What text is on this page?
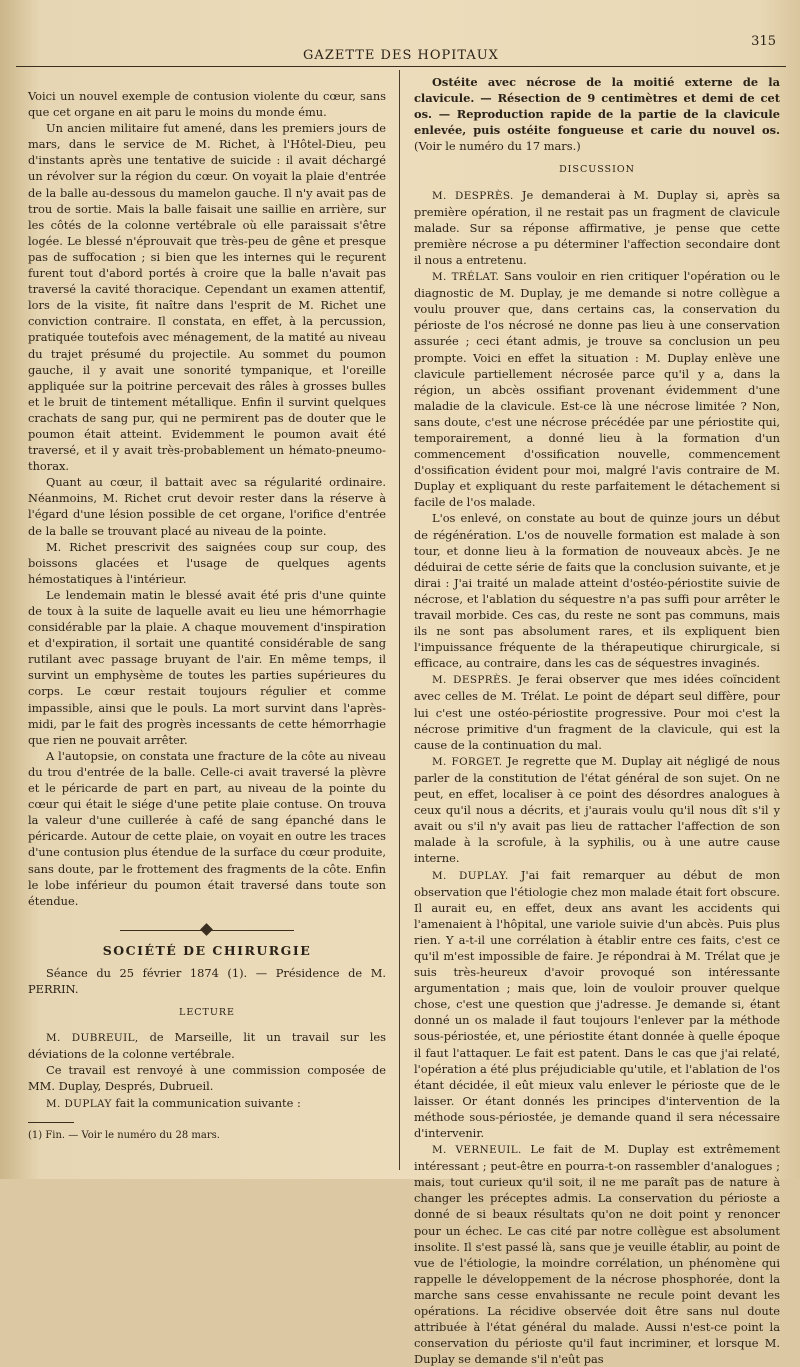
GAZETTE DES HOPITAUX
315

Voici un nouvel exemple de contusion violente du cœur, sans que cet organe en ait paru le moins du monde ému.

Un ancien militaire fut amené, dans les premiers jours de mars, dans le service de M. Richet, à l'Hôtel-Dieu, peu d'instants après une tentative de suicide : il avait déchargé un révolver sur la région du cœur. On voyait la plaie d'entrée de la balle au-dessous du mamelon gauche. Il n'y avait pas de trou de sortie. Mais la balle faisait une saillie en arrière, sur les côtés de la colonne vertébrale où elle paraissait s'être logée. Le blessé n'éprouvait que très-peu de gêne et presque pas de suffocation ; si bien que les internes qui le reçurent furent tout d'abord portés à croire que la balle n'avait pas traversé la cavité thoracique. Cependant un examen attentif, lors de la visite, fit naître dans l'esprit de M. Richet une conviction contraire. Il constata, en effet, à la percussion, pratiquée toutefois avec ménagement, de la matité au niveau du trajet présumé du projectile. Au sommet du poumon gauche, il y avait une sonorité tympanique, et l'oreille appliquée sur la poitrine percevait des râles à grosses bulles et le bruit de tintement métallique. Enfin il survint quelques crachats de sang pur, qui ne permirent pas de douter que le poumon était atteint. Evidemment le poumon avait été traversé, et il y avait très-probablement un hémato-pneumo-thorax.

Quant au cœur, il battait avec sa régularité ordinaire. Néanmoins, M. Richet crut devoir rester dans la réserve à l'égard d'une lésion possible de cet organe, l'orifice d'entrée de la balle se trouvant placé au niveau de la pointe.

M. Richet prescrivit des saignées coup sur coup, des boissons glacées et l'usage de quelques agents hémostatiques à l'intérieur.

Le lendemain matin le blessé avait été pris d'une quinte de toux à la suite de laquelle avait eu lieu une hémorrhagie considérable par la plaie. A chaque mouvement d'inspiration et d'expiration, il sortait une quantité considérable de sang rutilant avec passage bruyant de l'air. En même temps, il survint un emphysème de toutes les parties supérieures du corps. Le cœur restait toujours régulier et comme impassible, ainsi que le pouls. La mort survint dans l'après-midi, par le fait des progrès incessants de cette hémorrhagie que rien ne pouvait arrêter.

A l'autopsie, on constata une fracture de la côte au niveau du trou d'entrée de la balle. Celle-ci avait traversé la plèvre et le péricarde de part en part, au niveau de la pointe du cœur qui était le siége d'une petite plaie contuse. On trouva la valeur d'une cuillerée à café de sang épanché dans le péricarde. Autour de cette plaie, on voyait en outre les traces d'une contusion plus étendue de la surface du cœur produite, sans doute, par le frottement des fragments de la côte. Enfin le lobe inférieur du poumon était traversé dans toute son étendue.

SOCIÉTÉ DE CHIRURGIE

Séance du 25 février 1874 (1). — Présidence de M. PERRIN.

LECTURE

M. DUBREUIL, de Marseille, lit un travail sur les déviations de la colonne vertébrale.

Ce travail est renvoyé à une commission composée de MM. Duplay, Després, Dubrueil.

M. DUPLAY fait la communication suivante :

(1) Fin. — Voir le numéro du 28 mars.

Ostéite avec nécrose de la moitié externe de la clavicule. — Résection de 9 centimètres et demi de cet os. — Reproduction rapide de la partie de la clavicule enlevée, puis ostéite fongueuse et carie du nouvel os. (Voir le numéro du 17 mars.)

DISCUSSION

M. DESPRÈS. Je demanderai à M. Duplay si, après sa première opération, il ne restait pas un fragment de clavicule malade. Sur sa réponse affirmative, je pense que cette première nécrose a pu déterminer l'affection secondaire dont il nous a entretenu.

M. TRÉLAT. Sans vouloir en rien critiquer l'opération ou le diagnostic de M. Duplay, je me demande si notre collègue a voulu prouver que, dans certains cas, la conservation du périoste de l'os nécrosé ne donne pas lieu à une conservation assurée ; ceci étant admis, je trouve sa conclusion un peu prompte. Voici en effet la situation : M. Duplay enlève une clavicule partiellement nécrosée parce qu'il y a, dans la région, un abcès ossifiant provenant évidemment d'une maladie de la clavicule. Est-ce là une nécrose limitée ? Non, sans doute, c'est une nécrose précédée par une périostite qui, temporairement, a donné lieu à la formation d'un commencement d'ossification nouvelle, commencement d'ossification évident pour moi, malgré l'avis contraire de M. Duplay et expliquant du reste parfaitement le détachement si facile de l'os malade.

L'os enlevé, on constate au bout de quinze jours un début de régénération. L'os de nouvelle formation est malade à son tour, et donne lieu à la formation de nouveaux abcès. Je ne déduirai de cette série de faits que la conclusion suivante, et je dirai : J'ai traité un malade atteint d'ostéo-périostite suivie de nécrose, et l'ablation du séquestre n'a pas suffi pour arrêter le travail morbide. Ces cas, du reste ne sont pas communs, mais ils ne sont pas absolument rares, et ils expliquent bien l'impuissance fréquente de la thérapeutique chirurgicale, si efficace, au contraire, dans les cas de séquestres invaginés.

M. DESPRÈS. Je ferai observer que mes idées coïncident avec celles de M. Trélat. Le point de départ seul diffère, pour lui c'est une ostéo-périostite progressive. Pour moi c'est la nécrose primitive d'un fragment de la clavicule, qui est la cause de la continuation du mal.

M. FORGET. Je regrette que M. Duplay ait négligé de nous parler de la constitution de l'état général de son sujet. On ne peut, en effet, localiser à ce point des désordres analogues à ceux qu'il nous a décrits, et j'aurais voulu qu'il nous dît s'il y avait ou s'il n'y avait pas lieu de rattacher l'affection de son malade à la scrofule, à la syphilis, ou à une autre cause interne.

M. DUPLAY. J'ai fait remarquer au début de mon observation que l'étiologie chez mon malade était fort obscure. Il aurait eu, en effet, deux ans avant les accidents qui l'amenaient à l'hôpital, une variole suivie d'un abcès. Puis plus rien. Y a-t-il une corrélation à établir entre ces faits, c'est ce qu'il m'est impossible de faire. Je répondrai à M. Trélat que je suis très-heureux d'avoir provoqué son intéressante argumentation ; mais que, loin de vouloir prouver quelque chose, c'est une question que j'adresse. Je demande si, étant donné un os malade il faut toujours l'enlever par la méthode sous-périostée, et, une périostite étant donnée à quelle époque il faut l'attaquer. Le fait est patent. Dans le cas que j'ai relaté, l'opération a été plus préjudiciable qu'utile, et l'ablation de l'os étant décidée, il eût mieux valu enlever le périoste que de le laisser. Or étant donnés les principes d'intervention de la méthode sous-périostée, je demande quand il sera nécessaire d'intervenir.

M. VERNEUIL. Le fait de M. Duplay est extrêmement intéressant ; peut-être en pourra-t-on rassembler d'analogues ; mais, tout curieux qu'il soit, il ne me paraît pas de nature à changer les préceptes admis. La conservation du périoste a donné de si beaux résultats qu'on ne doit point y renoncer pour un échec. Le cas cité par notre collègue est absolument insolite. Il s'est passé là, sans que je veuille établir, au point de vue de l'étiologie, la moindre corrélation, un phénomène qui rappelle le développement de la nécrose phosphorée, dont la marche sans cesse envahissante ne recule point devant les opérations. La récidive observée doit être sans nul doute attribuée à l'état général du malade. Aussi n'est-ce point la conservation du périoste qu'il faut incriminer, et lorsque M. Duplay se demande s'il n'eût pas
